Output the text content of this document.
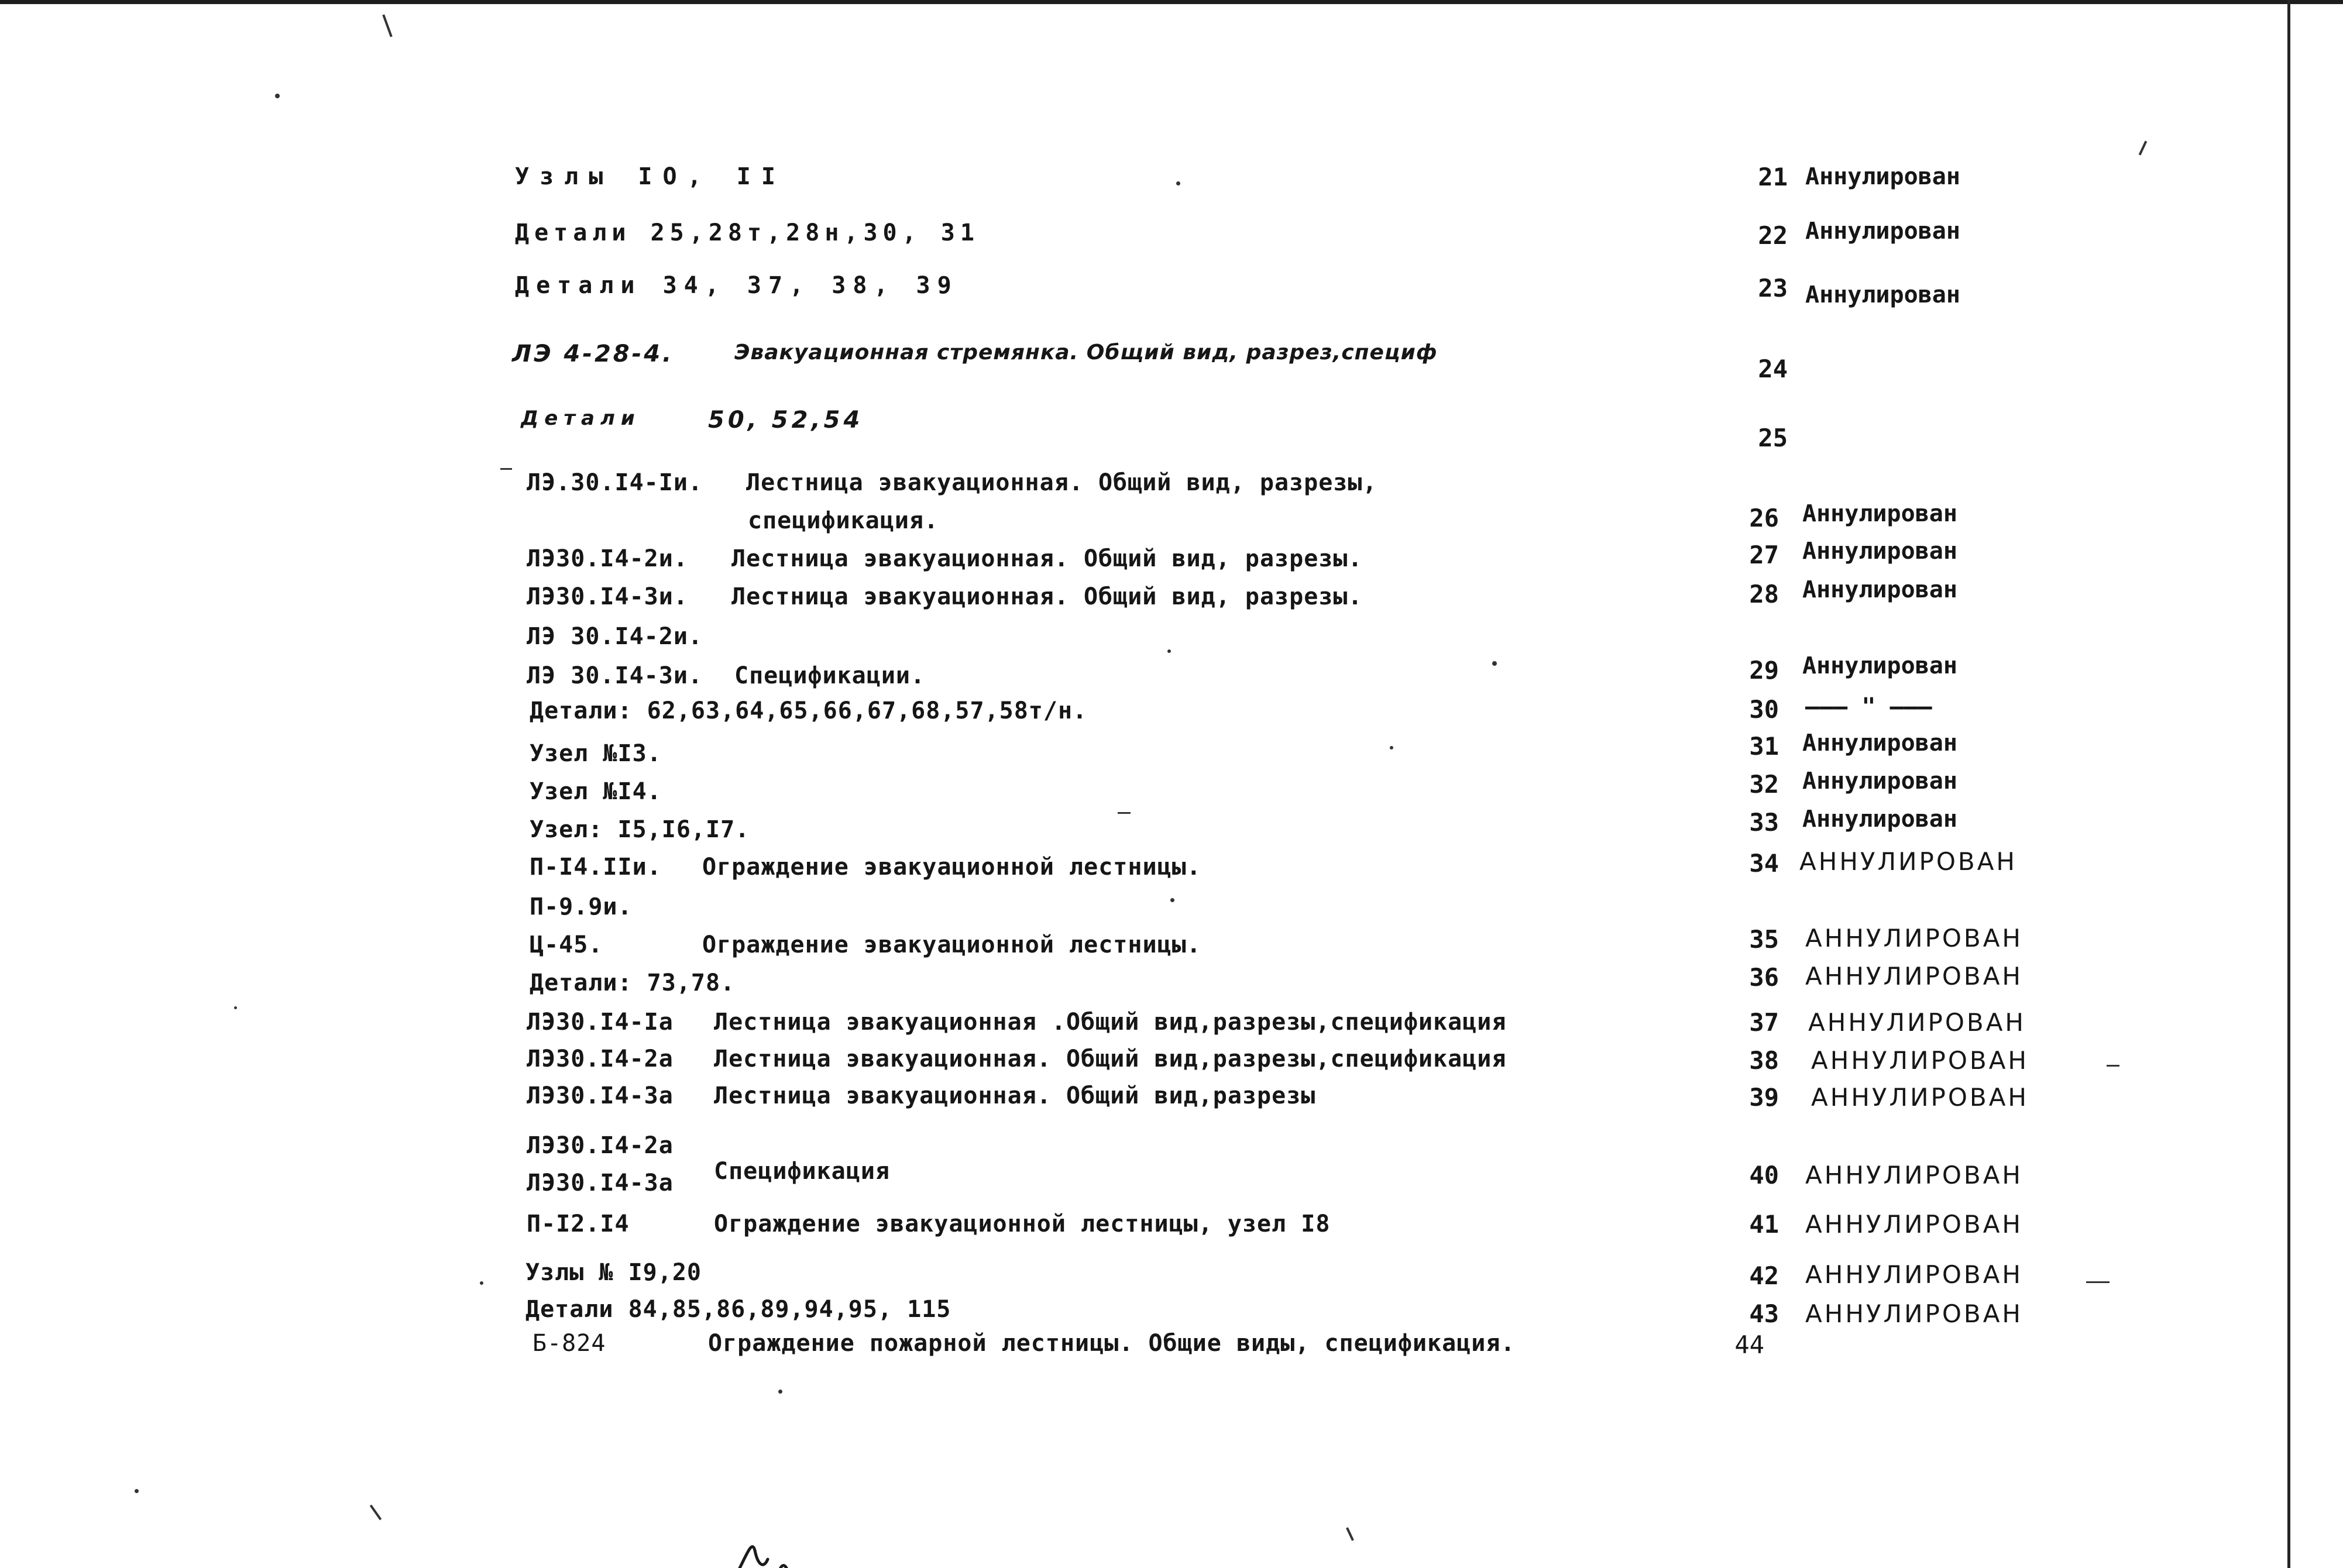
Узлы IO, II	21 Аннулирован
Детали 25,28т,28н,30, 31	22 Аннулирован
Детали 34, 37, 38, 39	23 Аннулирован
ЛЭ 4-28-4.	Эвакуационная стремянка. Общий вид, разрез,специф
24
Детали	50, 52,54
25
ЛЭ.30.I4-Iи. Лестница эвакуационная. Общий вид, разрезы,
спецификация.	26 Аннулирован
ЛЭ30.I4-2и. Лестница эвакуационная. Общий вид, разрезы.	27 Аннулирован
ЛЭ30.I4-3и. Лестница эвакуационная. Общий вид, разрезы.	28 Аннулирован
ЛЭ 30.I4-2и.
ЛЭ 30.I4-3и. Спецификации.	29 Аннулирован
Детали: 62,63,64,65,66,67,68,57,58т/н.	30 ——— " ———
Узел №I3.	31 Аннулирован
Узел №I4.	32 Аннулирован
Узел: I5,I6,I7.	33 Аннулирован
П-I4.IIи. Ограждение эвакуационной лестницы.	34 АННУЛИРОВАН
П-9.9и.
Ц-45.	Ограждение эвакуационной лестницы.	35 АННУЛИРОВАН
Детали: 73,78.	36 АННУЛИРОВАН
ЛЭ30.I4-Iа Лестница эвакуационная .Общий вид,разрезы,спецификация	37 АННУЛИРОВАН
ЛЭ30.I4-2а Лестница эвакуационная. Общий вид,разрезы,спецификация	38 АННУЛИРОВАН
ЛЭ30.I4-3а Лестница эвакуационная. Общий вид,разрезы	39 АННУЛИРОВАН
ЛЭ30.I4-2а
ЛЭ30.I4-3а Спецификация	40 АННУЛИРОВАН
П-I2.I4	Ограждение эвакуационной лестницы, узел I8	41 АННУЛИРОВАН
Узлы № I9,20	42 АННУЛИРОВАН
Детали 84,85,86,89,94,95, 115	43 АННУЛИРОВАН
Б-824	Ограждение пожарной лестницы. Общие виды, спецификация.	44
